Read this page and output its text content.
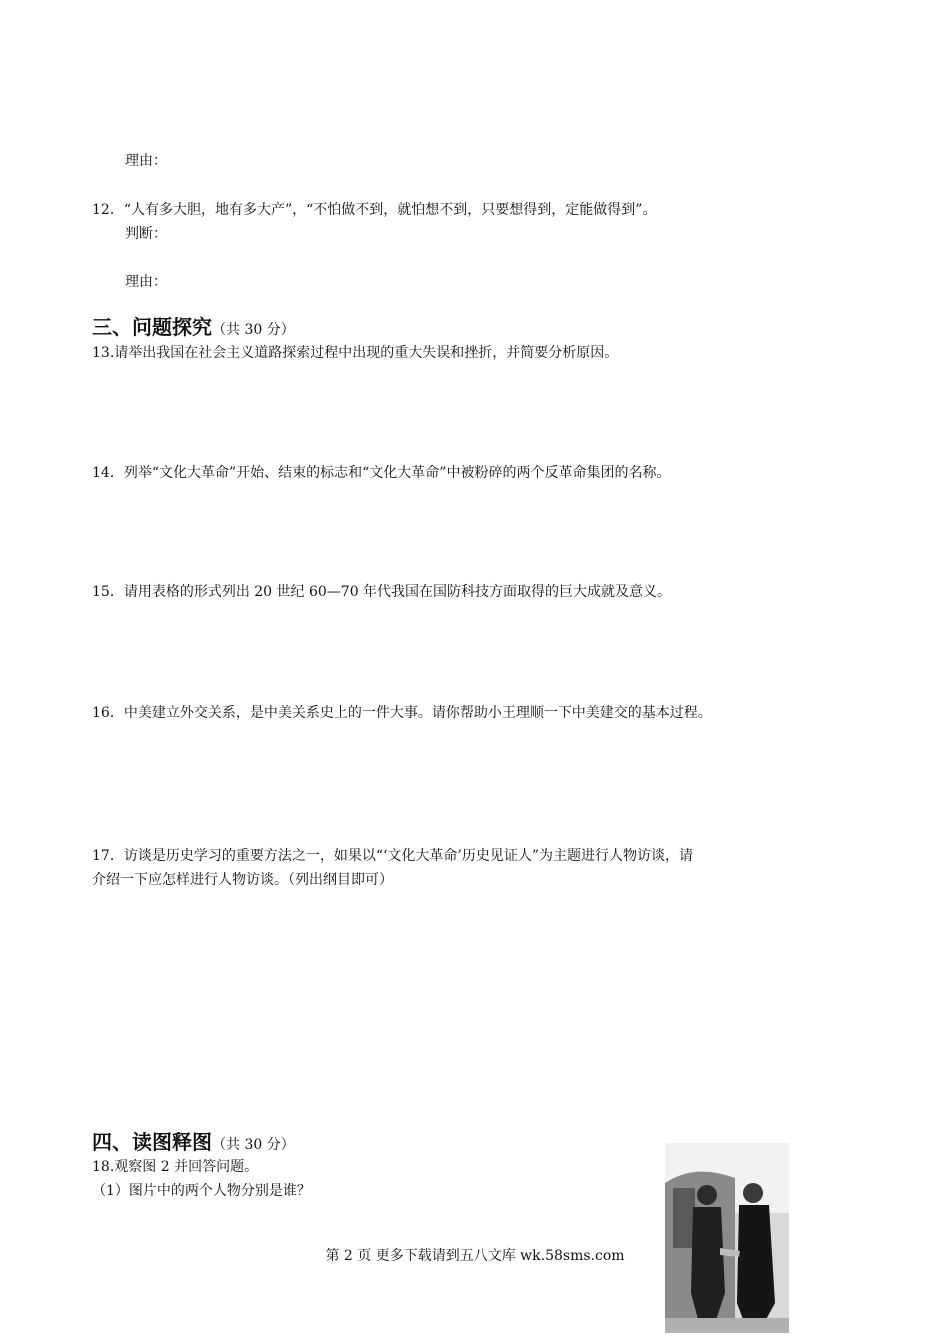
理由：
12．“人有多大胆，地有多大产”，“不怕做不到，就怕想不到，只要想得到，定能做得到”。
判断：
理由：
三、问题探究（共 30 分）
13.请举出我国在社会主义道路探索过程中出现的重大失误和挫折，并简要分析原因。
14．列举“文化大革命”开始、结束的标志和“文化大革命”中被粉碎的两个反革命集团的名称。
15．请用表格的形式列出 20 世纪 60—70 年代我国在国防科技方面取得的巨大成就及意义。
16．中美建立外交关系，是中美关系史上的一件大事。请你帮助小王理顺一下中美建交的基本过程。
17．访谈是历史学习的重要方法之一，如果以“‘文化大革命’历史见证人”为主题进行人物访谈，请
介绍一下应怎样进行人物访谈。（列出纲目即可）
四、读图释图（共 30 分）
18.观察图 2 并回答问题。
（1）图片中的两个人物分别是谁？
第 2 页 更多下载请到五八文库 wk.58sms.com
